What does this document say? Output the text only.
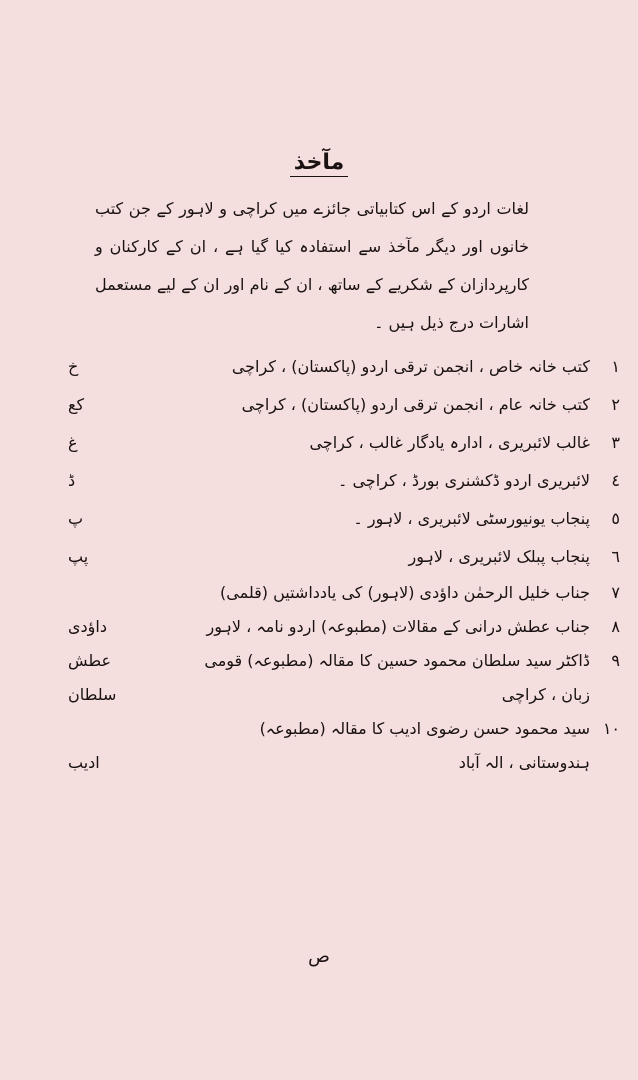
مآخذ
لغات اردو کے اس کتابیاتی جائزے میں کراچی و لاہور کے جن کتب خانوں اور دیگر مآخذ سے استفادہ کیا گیا ہے ، ان کے کارکنان و کارپردازان کے شکریے کے ساتھ ، ان کے نام اور ان کے لیے مستعمل اشارات درج ذیل ہیں ۔
١
کتب خانہ خاص ، انجمن ترقی اردو (پاکستان) ، کراچی
خ
٢
کتب خانہ عام ، انجمن ترقی اردو (پاکستان) ، کراچی
کع
٣
غالب لائبریری ، ادارہ یادگار غالب ، کراچی
غ
٤
لائبریری اردو ڈکشنری بورڈ ، کراچی ۔
ڈ
٥
پنجاب یونیورسٹی لائبریری ، لاہور ۔
پ
٦
پنجاب پبلک لائبریری ، لاہور
پپ
٧
جناب خلیل الرحمٰن داؤدی (لاہور) کی یادداشتیں (قلمی)
داؤدی	٨
جناب عطش درانی کے مقالات (مطبوعہ) اردو نامہ ، لاہور
عطش	٩
ڈاکٹر سید سلطان محمود حسین کا مقالہ (مطبوعہ) قومی زبان ، کراچی
سلطان
١٠
سید محمود حسن رضوی ادیب کا مقالہ (مطبوعہ) ہندوستانی ، الہ آباد
ادیب
ص
